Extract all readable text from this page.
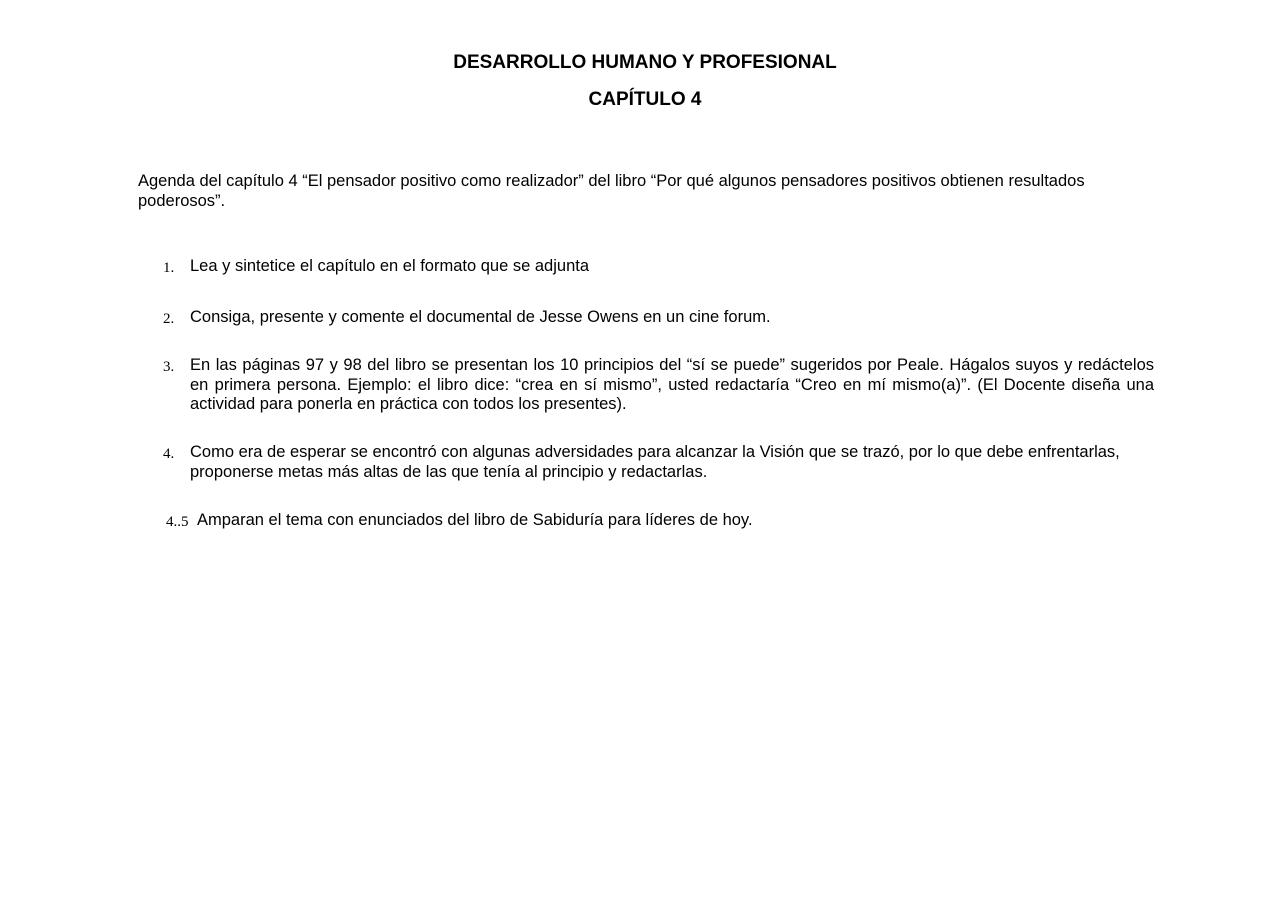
DESARROLLO HUMANO Y PROFESIONAL
CAPÍTULO 4

Agenda del capítulo 4 “El pensador positivo como realizador” del libro “Por qué algunos pensadores positivos obtienen resultados poderosos”.

1. Lea y sintetice el capítulo en el formato que se adjunta

2. Consiga, presente y comente el documental de Jesse Owens en un cine forum.

3. En las páginas 97 y 98 del libro se presentan los 10 principios del “sí se puede” sugeridos por Peale. Hágalos suyos y redáctelos en primera persona. Ejemplo: el libro dice: “crea en sí mismo”, usted redactaría “Creo en mí mismo(a)”. (El Docente diseña una actividad para ponerla en práctica con todos los presentes).

4. Como era de esperar se encontró con algunas adversidades para alcanzar la Visión que se trazó, por lo que debe enfrentarlas, proponerse metas más altas de las que tenía al principio y redactarlas.

4..5 Amparan el tema con enunciados del libro de Sabiduría para líderes de hoy.
